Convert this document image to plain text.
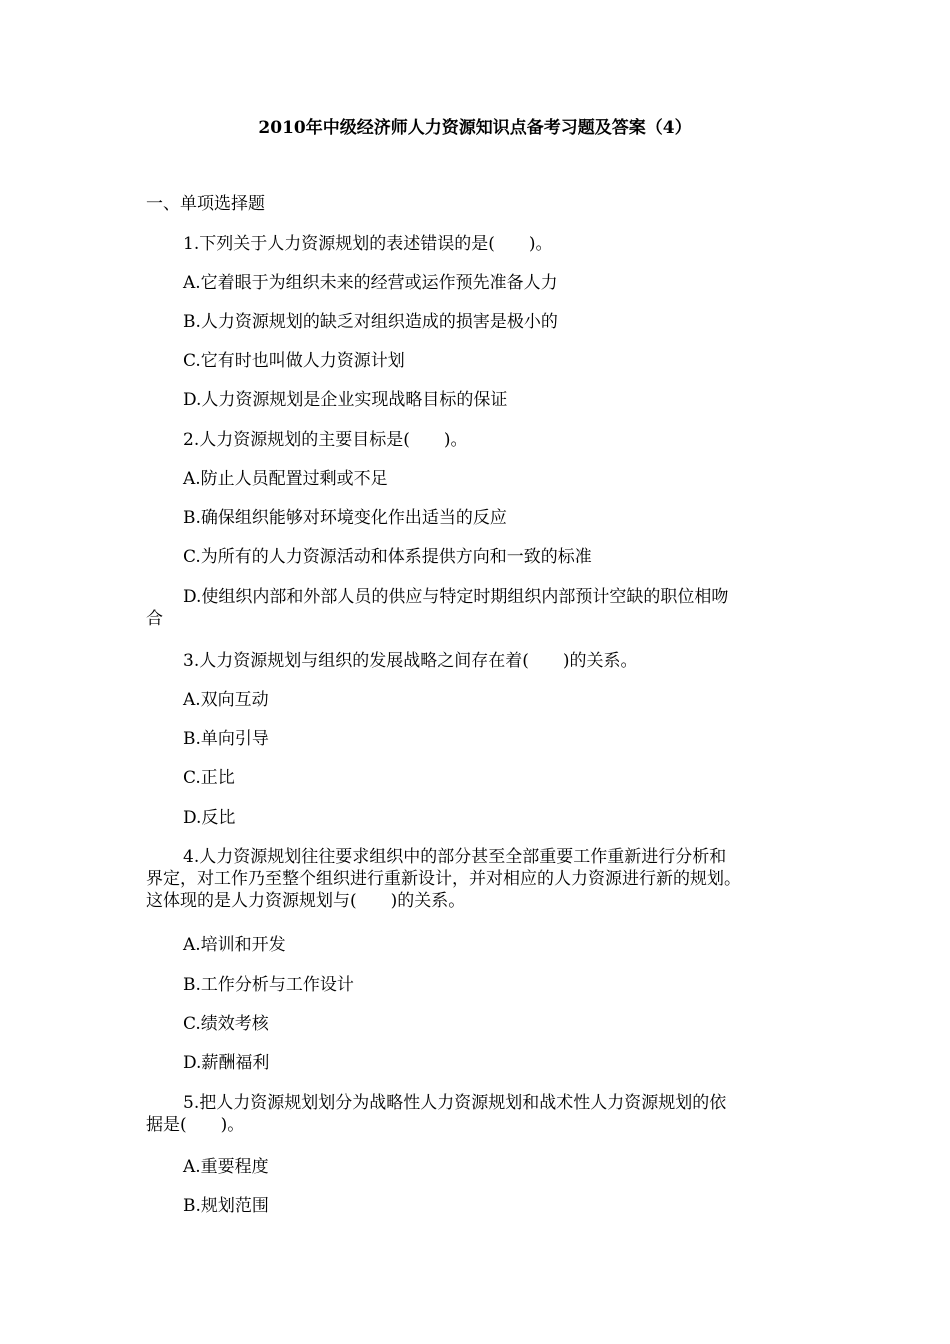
2010年中级经济师人力资源知识点备考习题及答案（4）
一、单项选择题
1.下列关于人力资源规划的表述错误的是(　　)。
A.它着眼于为组织未来的经营或运作预先准备人力
B.人力资源规划的缺乏对组织造成的损害是极小的
C.它有时也叫做人力资源计划
D.人力资源规划是企业实现战略目标的保证
2.人力资源规划的主要目标是(　　)。
A.防止人员配置过剩或不足
B.确保组织能够对环境变化作出适当的反应
C.为所有的人力资源活动和体系提供方向和一致的标准
D.使组织内部和外部人员的供应与特定时期组织内部预计空缺的职位相吻
合
3.人力资源规划与组织的发展战略之间存在着(　　)的关系。
A.双向互动
B.单向引导
C.正比
D.反比
4.人力资源规划往往要求组织中的部分甚至全部重要工作重新进行分析和
界定，对工作乃至整个组织进行重新设计，并对相应的人力资源进行新的规划。
这体现的是人力资源规划与(　　)的关系。
A.培训和开发
B.工作分析与工作设计
C.绩效考核
D.薪酬福利
5.把人力资源规划划分为战略性人力资源规划和战术性人力资源规划的依
据是(　　)。
A.重要程度
B.规划范围
